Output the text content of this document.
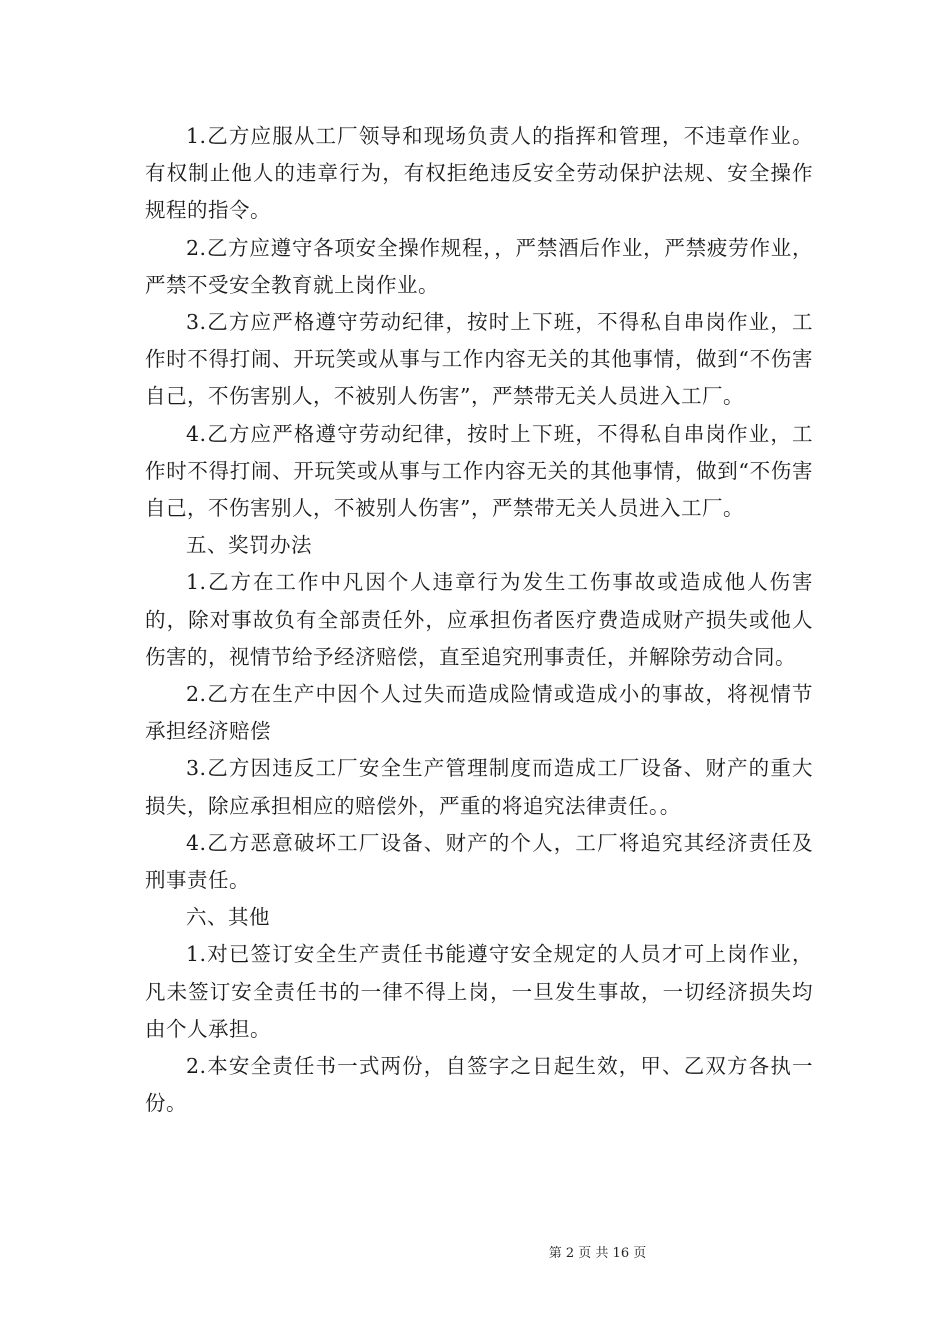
1.乙方应服从工厂领导和现场负责人的指挥和管理，不违章作业。有权制止他人的违章行为，有权拒绝违反安全劳动保护法规、安全操作规程的指令。

2.乙方应遵守各项安全操作规程，，严禁酒后作业，严禁疲劳作业，严禁不受安全教育就上岗作业。

3.乙方应严格遵守劳动纪律，按时上下班，不得私自串岗作业，工作时不得打闹、开玩笑或从事与工作内容无关的其他事情，做到“不伤害自己，不伤害别人，不被别人伤害”，严禁带无关人员进入工厂。

4.乙方应严格遵守劳动纪律，按时上下班，不得私自串岗作业，工作时不得打闹、开玩笑或从事与工作内容无关的其他事情，做到“不伤害自己，不伤害别人，不被别人伤害”，严禁带无关人员进入工厂。

五、奖罚办法

1.乙方在工作中凡因个人违章行为发生工伤事故或造成他人伤害的，除对事故负有全部责任外，应承担伤者医疗费造成财产损失或他人伤害的，视情节给予经济赔偿，直至追究刑事责任，并解除劳动合同。

2.乙方在生产中因个人过失而造成险情或造成小的事故，将视情节承担经济赔偿

3.乙方因违反工厂安全生产管理制度而造成工厂设备、财产的重大损失，除应承担相应的赔偿外，严重的将追究法律责任。。

4.乙方恶意破坏工厂设备、财产的个人，工厂将追究其经济责任及刑事责任。

六、其他

1.对已签订安全生产责任书能遵守安全规定的人员才可上岗作业，凡未签订安全责任书的一律不得上岗，一旦发生事故，一切经济损失均由个人承担。

2.本安全责任书一式两份，自签字之日起生效，甲、乙双方各执一份。

第 2 页 共 16 页
